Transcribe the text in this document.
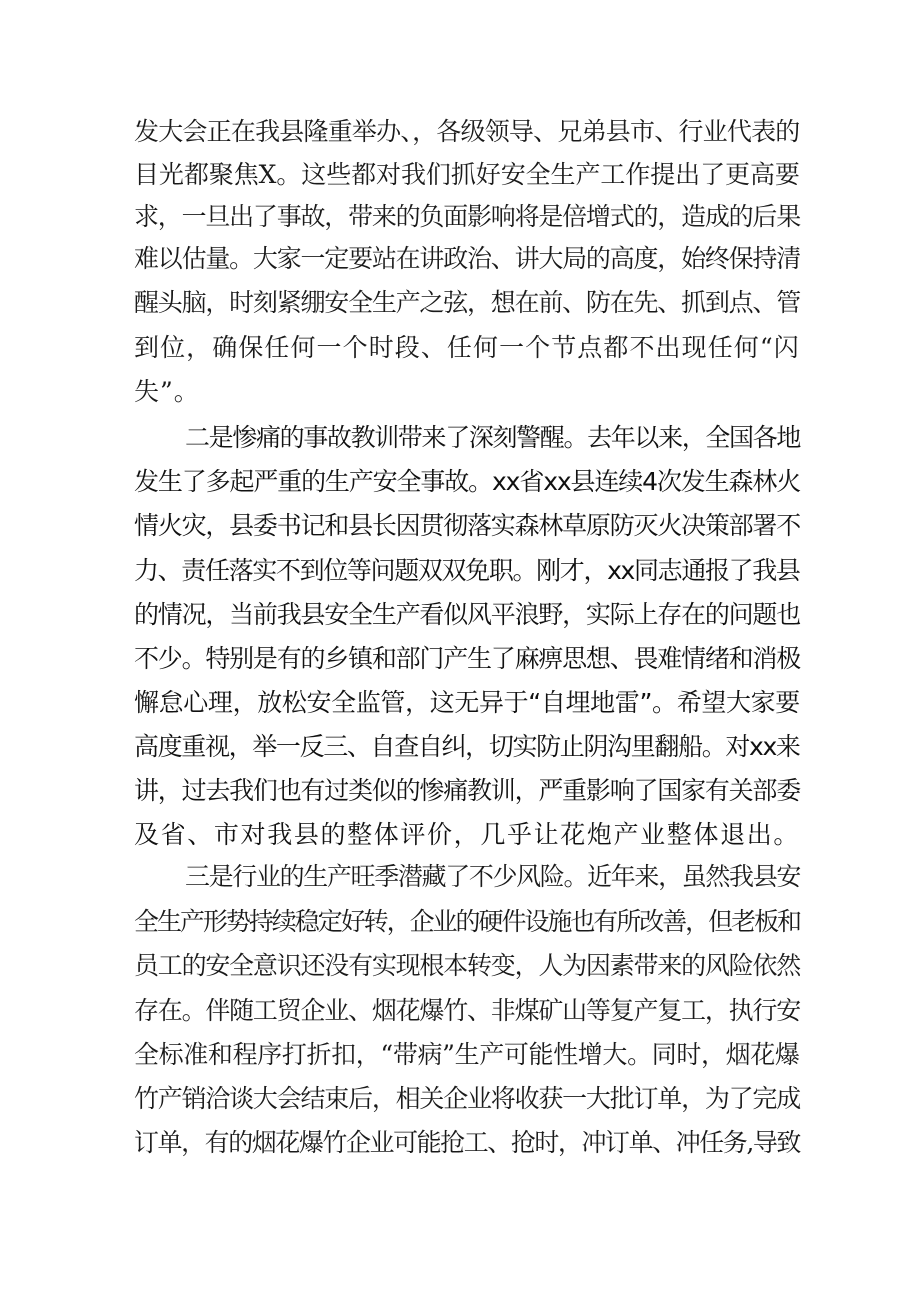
发大会正在我县隆重举办、，各级领导、兄弟县市、行业代表的
目光都聚焦X。这些都对我们抓好安全生产工作提出了更高要
求，一旦出了事故，带来的负面影响将是倍增式的，造成的后果
难以估量。大家一定要站在讲政治、讲大局的高度，始终保持清
醒头脑，时刻紧绷安全生产之弦，想在前、防在先、抓到点、管
到位，确保任何一个时段、任何一个节点都不出现任何“闪
失”。
二是惨痛的事故教训带来了深刻警醒。去年以来，全国各地
发生了多起严重的生产安全事故。xx省xx县连续4次发生森林火
情火灾，县委书记和县长因贯彻落实森林草原防灭火决策部署不
力、责任落实不到位等问题双双免职。刚才，xx同志通报了我县
的情况，当前我县安全生产看似风平浪野，实际上存在的问题也
不少。特别是有的乡镇和部门产生了麻痹思想、畏难情绪和消极
懈怠心理，放松安全监管，这无异于“自埋地雷”。希望大家要
高度重视，举一反三、自查自纠，切实防止阴沟里翻船。对xx来
讲，过去我们也有过类似的惨痛教训，严重影响了国家有关部委
及省、市对我县的整体评价，几乎让花炮产业整体退出。
三是行业的生产旺季潜藏了不少风险。近年来，虽然我县安
全生产形势持续稳定好转，企业的硬件设施也有所改善，但老板和
员工的安全意识还没有实现根本转变，人为因素带来的风险依然
存在。伴随工贸企业、烟花爆竹、非煤矿山等复产复工，执行安
全标准和程序打折扣，“带病”生产可能性增大。同时，烟花爆
竹产销洽谈大会结束后，相关企业将收获一大批订单，为了完成
订单，有的烟花爆竹企业可能抢工、抢时，冲订单、冲任务,导致
